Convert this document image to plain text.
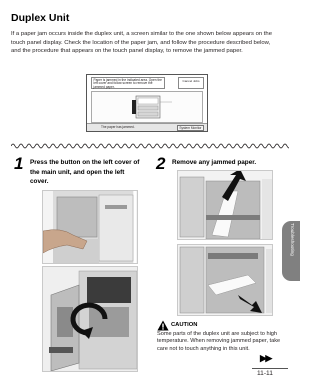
Duplex Unit

If a paper jam occurs inside the duplex unit, a screen similar to the one shown below appears on the touch panel display. Check the location of the paper jam, and follow the procedure described below, and the procedure that appears on the touch panel display, to remove the jammed paper.

Paper is jammed in the indicated area. Open the left cover and follow screen to remove the jammed paper.
Cancel Jobs
The paper has jammed.	System Monitor
1 Press the button on the left cover of the main unit, and open the left cover.

2 Remove any jammed paper.

CAUTION

Some parts of the duplex unit are subject to high temperature. When removing jammed paper, take care not to touch anything in this unit.

▶▶
Troubleshooting
11-11
